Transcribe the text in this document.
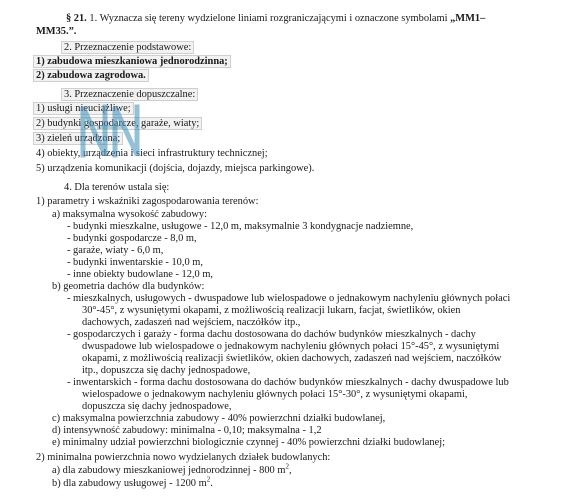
§ 21. 1. Wyznacza się tereny wydzielone liniami rozgraniczającymi i oznaczone symbolami „MM1–
MM35.”.
2. Przeznaczenie podstawowe:
1) zabudowa mieszkaniowa jednorodzinna;
2) zabudowa zagrodowa.
3. Przeznaczenie dopuszczalne:
1) usługi nieuciążliwe;
2) budynki gospodarcze, garaże, wiaty;
3) zieleń urządzona;
4) obiekty, urządzenia i sieci infrastruktury technicznej;
5) urządzenia komunikacji (dojścia, dojazdy, miejsca parkingowe).
4. Dla terenów ustala się:
1) parametry i wskaźniki zagospodarowania terenów:
a) maksymalna wysokość zabudowy:
- budynki mieszkalne, usługowe - 12,0 m, maksymalnie 3 kondygnacje nadziemne,
- budynki gospodarcze - 8,0 m,
- garaże, wiaty - 6,0 m,
- budynki inwentarskie - 10,0 m,
- inne obiekty budowlane - 12,0 m,
b) geometria dachów dla budynków:
- mieszkalnych, usługowych - dwuspadowe lub wielospadowe o jednakowym nachyleniu głównych połaci
30°-45°, z wysuniętymi okapami, z możliwością realizacji lukarn, facjat, świetlików, okien
dachowych, zadaszeń nad wejściem, naczółków itp.,
- gospodarczych i garaży - forma dachu dostosowana do dachów budynków mieszkalnych - dachy
dwuspadowe lub wielospadowe o jednakowym nachyleniu głównych połaci 15°-45°, z wysuniętymi
okapami, z możliwością realizacji świetlików, okien dachowych, zadaszeń nad wejściem, naczółków
itp., dopuszcza się dachy jednospadowe,
- inwentarskich - forma dachu dostosowana do dachów budynków mieszkalnych - dachy dwuspadowe lub
wielospadowe o jednakowym nachyleniu głównych połaci 15°-30°, z wysuniętymi okapami,
dopuszcza się dachy jednospadowe,
c) maksymalna powierzchnia zabudowy - 40% powierzchni działki budowlanej,
d) intensywność zabudowy: minimalna - 0,10; maksymalna - 1,2
e) minimalny udział powierzchni biologicznie czynnej - 40% powierzchni działki budowlanej;
2) minimalna powierzchnia nowo wydzielanych działek budowlanych:
a) dla zabudowy mieszkaniowej jednorodzinnej - 800 $m^2$,
b) dla zabudowy usługowej - 1200 $m^2$.
